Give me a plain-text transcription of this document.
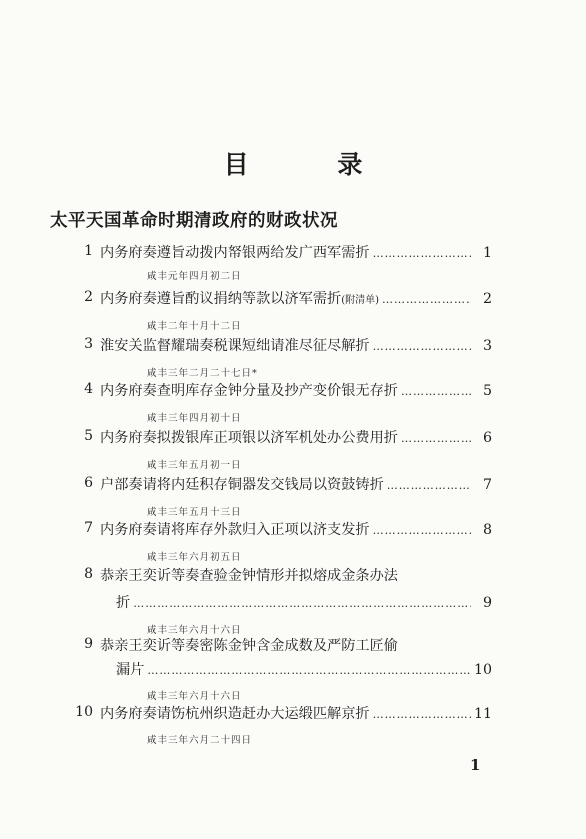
目 录
太平天国革命时期清政府的财政状况
1 内务府奏遵旨动拨内帑银两给发广西军需折 ………………………………………………………………………………………………………………………………………………	1
咸丰元年四月初二日
2 内务府奏遵旨酌议捐纳等款以济军需折 (附清单) ………………………………………………………………………………………………………………………………………………	2
咸丰二年十月十二日
3 淮安关监督耀瑞奏税课短绌请准尽征尽解折 ………………………………………………………………………………………………………………………………………………	3
咸丰三年二月二十七日*
4 内务府奏查明库存金钟分量及抄产变价银无存折 ………………………………………………………………………………………………………………………………………………	5
咸丰三年四月初十日
5 内务府奏拟拨银库正项银以济军机处办公费用折 ………………………………………………………………………………………………………………………………………………	6
咸丰三年五月初一日
6 户部奏请将内廷积存铜器发交钱局以资鼓铸折 ………………………………………………………………………………………………………………………………………………	7
咸丰三年五月十三日
7 内务府奏请将库存外款归入正项以济支发折 ………………………………………………………………………………………………………………………………………………	8
咸丰三年六月初五日
8 恭亲王奕䜣等奏查验金钟情形并拟熔成金条办法
折 ………………………………………………………………………………………………………………………………………………	9
咸丰三年六月十六日
9 恭亲王奕䜣等奏密陈金钟含金成数及严防工匠偷
漏片 ………………………………………………………………………………………………………………………………………………	10
咸丰三年六月十六日
10 内务府奏请饬杭州织造赶办大运缎匹解京折 ………………………………………………………………………………………………………………………………………………	11
咸丰三年六月二十四日
1
